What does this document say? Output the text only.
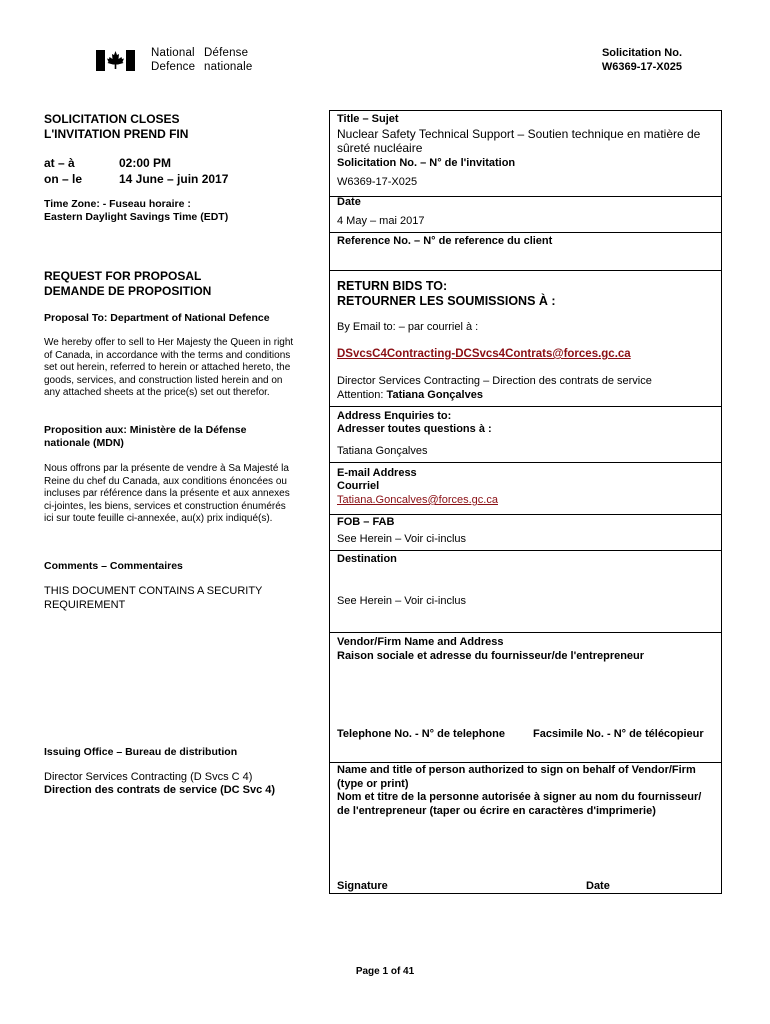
National
Defence
Défense
nationale
Solicitation No.
W6369-17-X025
SOLICITATION CLOSES
L'INVITATION PREND FIN
at – à
on – le
02:00 PM
14 June – juin 2017
Time Zone: - Fuseau horaire :
Eastern Daylight Savings Time (EDT)
REQUEST FOR PROPOSAL
DEMANDE DE PROPOSITION
Proposal To: Department of National Defence
We hereby offer to sell to Her Majesty the Queen in right of Canada, in accordance with the terms and conditions set out herein, referred to herein or attached hereto, the goods, services, and construction listed herein and on any attached sheets at the price(s) set out therefor.
Proposition aux: Ministère de la Défense nationale (MDN)
Nous offrons par la présente de vendre à Sa Majesté la Reine du chef du Canada, aux conditions énoncées ou incluses par référence dans la présente et aux annexes ci-jointes, les biens, services et construction énumérés ici sur toute feuille ci-annexée, au(x) prix indiqué(s).
Comments – Commentaires
THIS DOCUMENT CONTAINS A SECURITY
REQUIREMENT
Issuing Office – Bureau de distribution
Director Services Contracting (D Svcs C 4)
Direction des contrats de service (DC Svc 4)
Title – Sujet
Nuclear Safety Technical Support – Soutien technique en matière de sûreté nucléaire
Solicitation No. – N° de l'invitation
W6369-17-X025
Date
4 May – mai 2017
Reference No. – N° de reference du client
RETURN BIDS TO:
RETOURNER LES SOUMISSIONS À :
By Email to: – par courriel à :
DSvcsC4Contracting-DCSvcs4Contrats@forces.gc.ca
Director Services Contracting – Direction des contrats de service
Attention: Tatiana Gonçalves
Address Enquiries to:
Adresser toutes questions à :
Tatiana Gonçalves
E-mail Address
Courriel
Tatiana.Goncalves@forces.gc.ca
FOB – FAB
See Herein – Voir ci-inclus
Destination
See Herein – Voir ci-inclus
Vendor/Firm Name and Address
Raison sociale et adresse du fournisseur/de l'entrepreneur
Telephone No. - N° de telephone	Facsimile No. - N° de télécopieur
Name and title of person authorized to sign on behalf of Vendor/Firm
(type or print)
Nom et titre de la personne autorisée à signer au nom du fournisseur/
de l'entrepreneur (taper ou écrire en caractères d'imprimerie)
Signature	Date
Page 1 of 41
